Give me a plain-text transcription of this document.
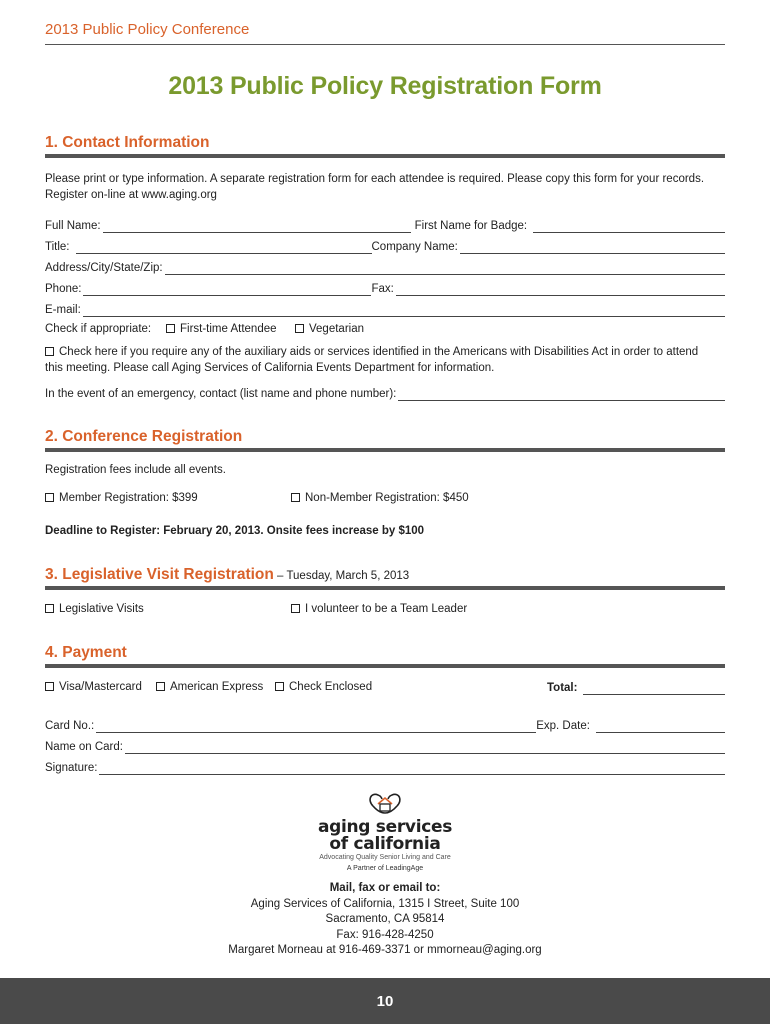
2013 Public Policy Conference
2013 Public Policy Registration Form
1. Contact Information
Please print or type information. A separate registration form for each attendee is required. Please copy this form for your records.
Register on-line at www.aging.org
Full Name:	First Name for Badge:
Title:	Company Name:
Address/City/State/Zip:
Phone:	Fax:
E-mail:
Check if appropriate:	First-time Attendee	Vegetarian
Check here if you require any of the auxiliary aids or services identified in the Americans with Disabilities Act in order to attend
this meeting. Please call Aging Services of California Events Department for information.
In the event of an emergency, contact (list name and phone number):
2. Conference Registration
Registration fees include all events.
Member Registration: $399	Non-Member Registration: $450
Deadline to Register: February 20, 2013. Onsite fees increase by $100
3. Legislative Visit Registration – Tuesday, March 5, 2013
Legislative Visits	I volunteer to be a Team Leader
4. Payment
Visa/Mastercard	American Express	Check Enclosed	Total:
Card No.:	Exp. Date:
Name on Card:
Signature:
aging services
of california
Advocating Quality Senior Living and Care
A Partner of LeadingAge
Mail, fax or email to:
Aging Services of California, 1315 I Street, Suite 100
Sacramento, CA 95814
Fax: 916-428-4250
Margaret Morneau at 916-469-3371 or mmorneau@aging.org
10
